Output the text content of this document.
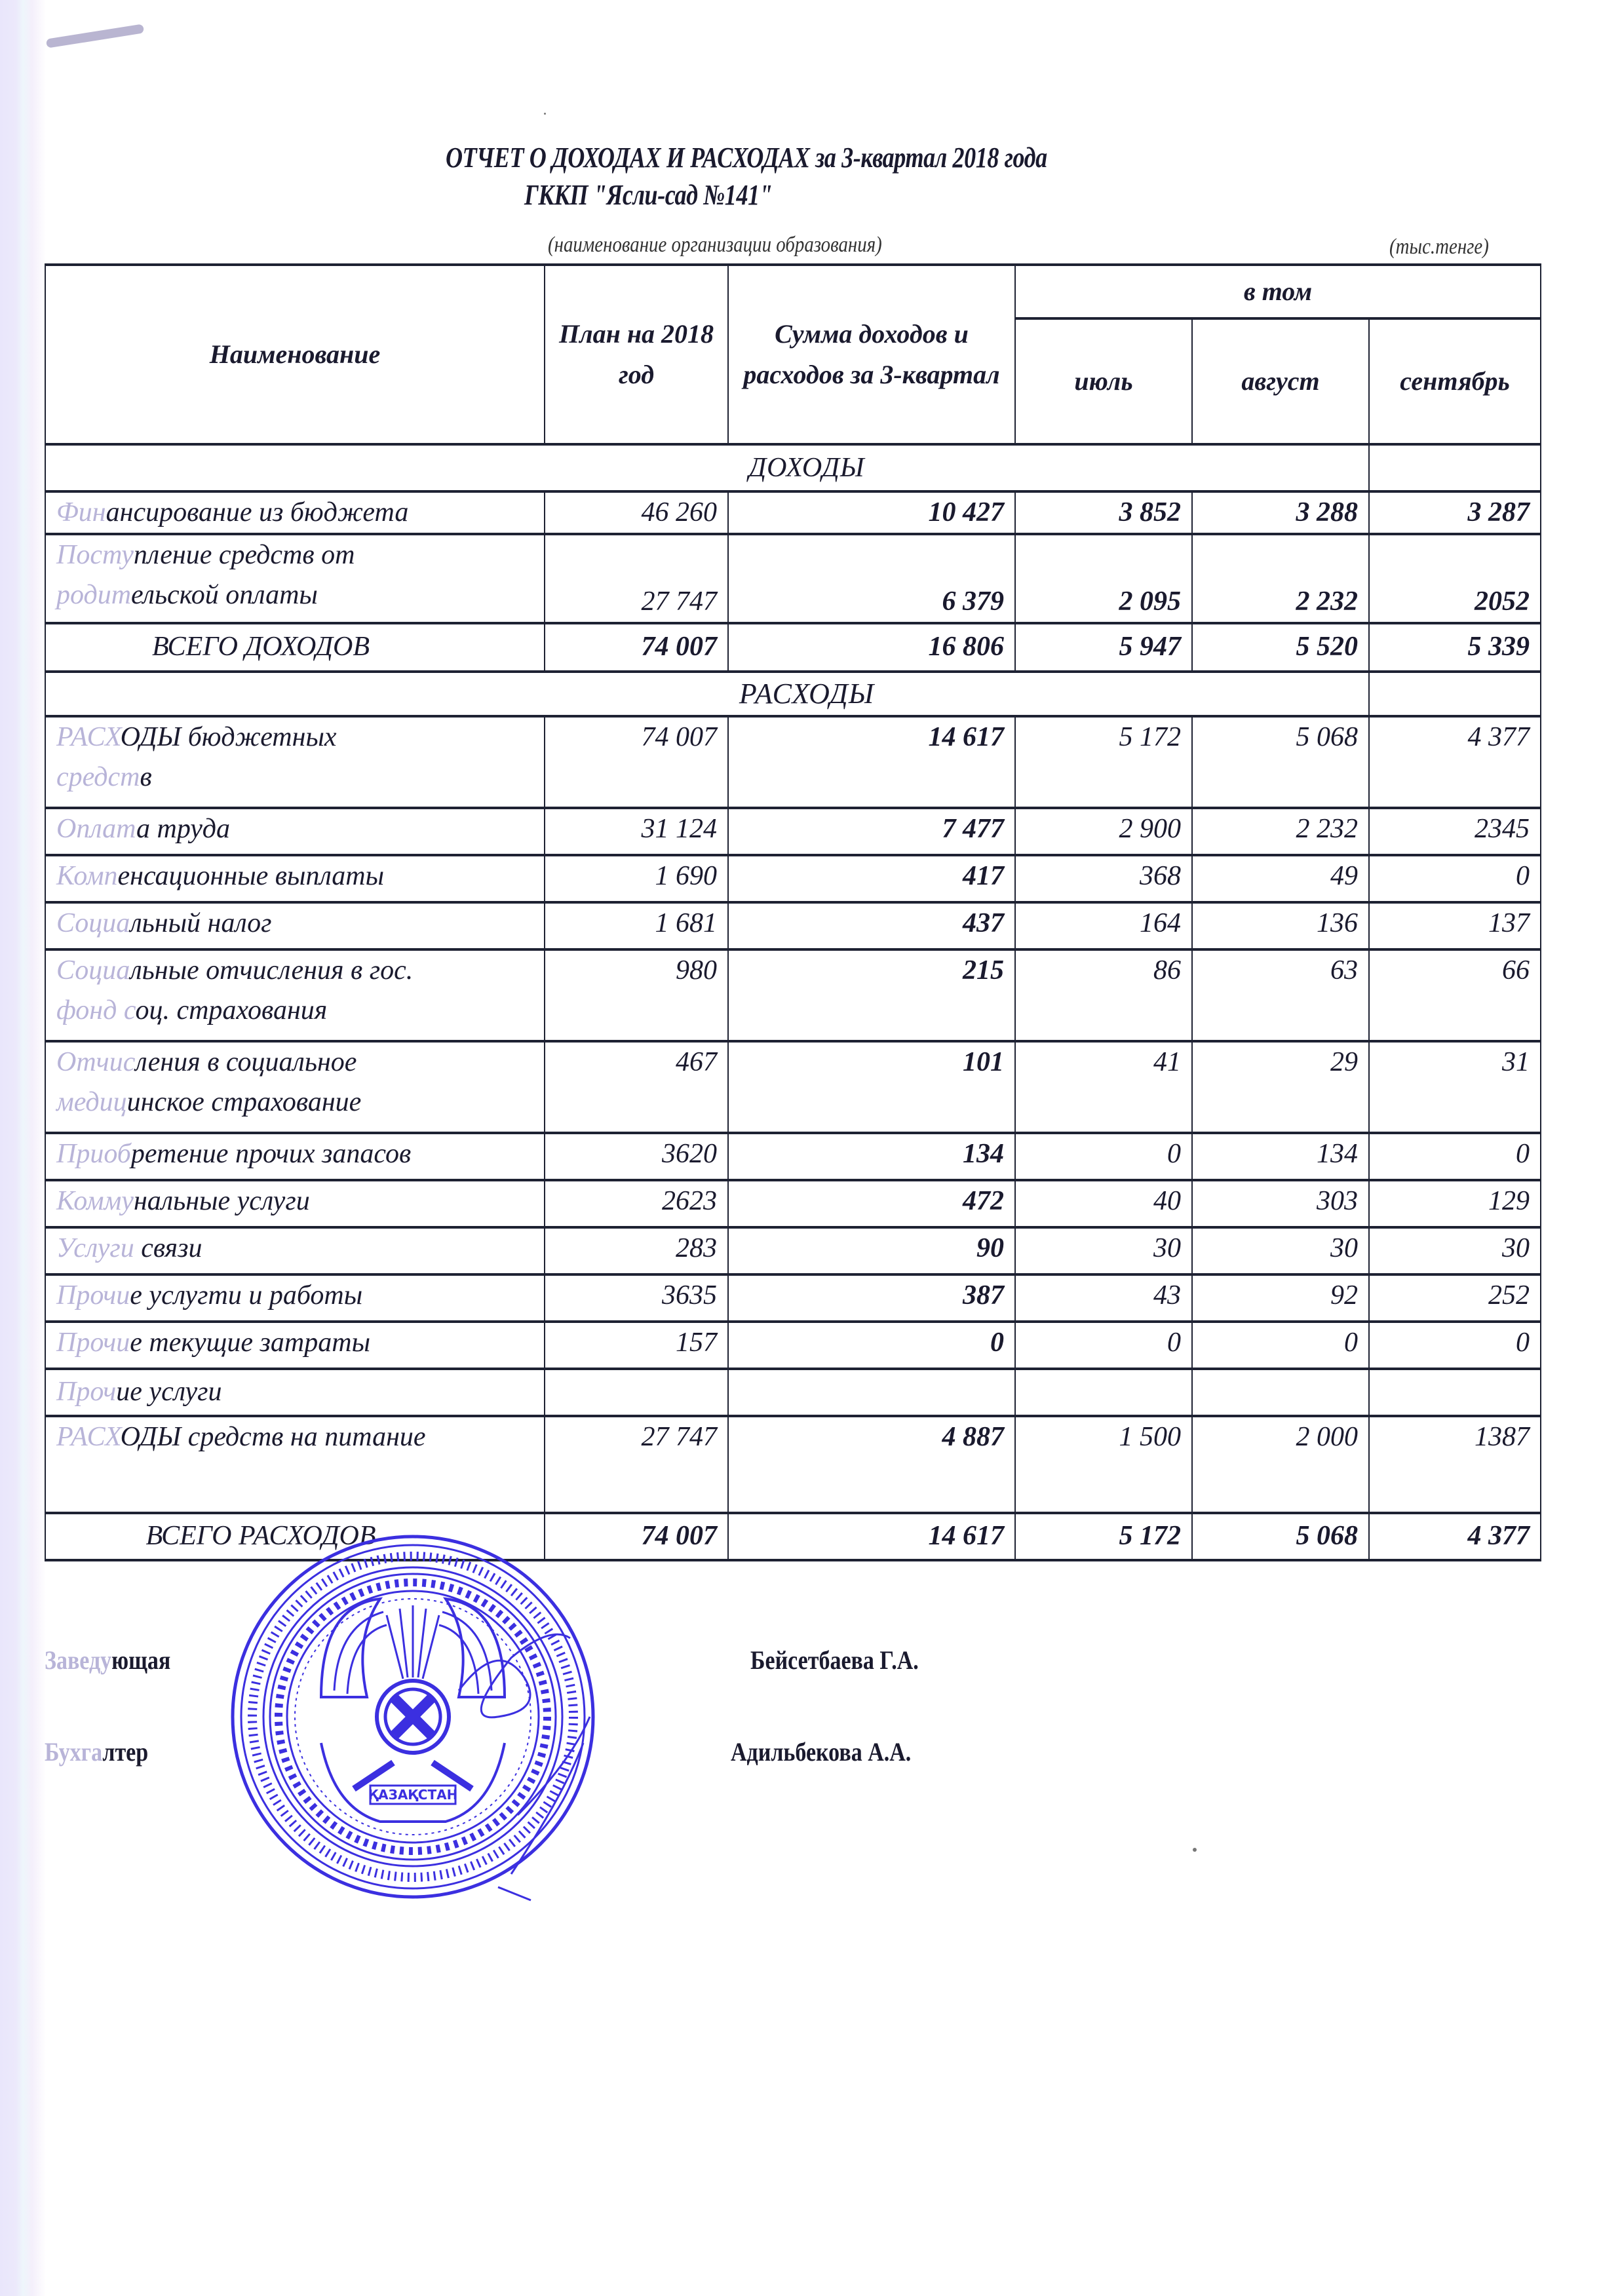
ОТЧЕТ О ДОХОДАХ И РАСХОДАХ за 3-квартал 2018 года
ГККП "Ясли-сад №141"
(наименование организации образования)	(тыс.тенге)
Наименование	План на 2018 год	Сумма доходов и расходов за 3-квартал	в том		
			июль	август	сентябрь
ДОХОДЫ					
Финансирование из бюджета	46 260	10 427	3 852	3 288	3 287
Поступление средств от
родительской оплаты	27 747	6 379	2 095	2 232	2052
ВСЕГО ДОХОДОВ	74 007	16 806	5 947	5 520	5 339
РАСХОДЫ					
РАСХОДЫ бюджетных
средств	74 007	14 617	5 172	5 068	4 377
Оплата труда	31 124	7 477	2 900	2 232	2345
Компенсационные выплаты	1 690	417	368	49	0
Социальный налог	1 681	437	164	136	137
Социальные отчисления в гос.
фонд соц. страхования	980	215	86	63	66
Отчисления в социальное
медицинское страхование	467	101	41	29	31
Приобретение прочих запасов	3620	134	0	134	0
Коммунальные услуги	2623	472	40	303	129
Услуги связи	283	90	30	30	30
Прочие услугти и работы	3635	387	43	92	252
Прочие текущие затраты	157	0	0	0	0
Прочие услуги					
РАСХОДЫ средств на питание	27 747	4 887	1 500	2 000	1387
ВСЕГО РАСХОДОВ	74 007	14 617	5 172	5 068	4 377
Заведующая	Бейсетбаева Г.А.
Бухгалтер	Адильбекова А.А.
ҚАЗАҚСТАН
